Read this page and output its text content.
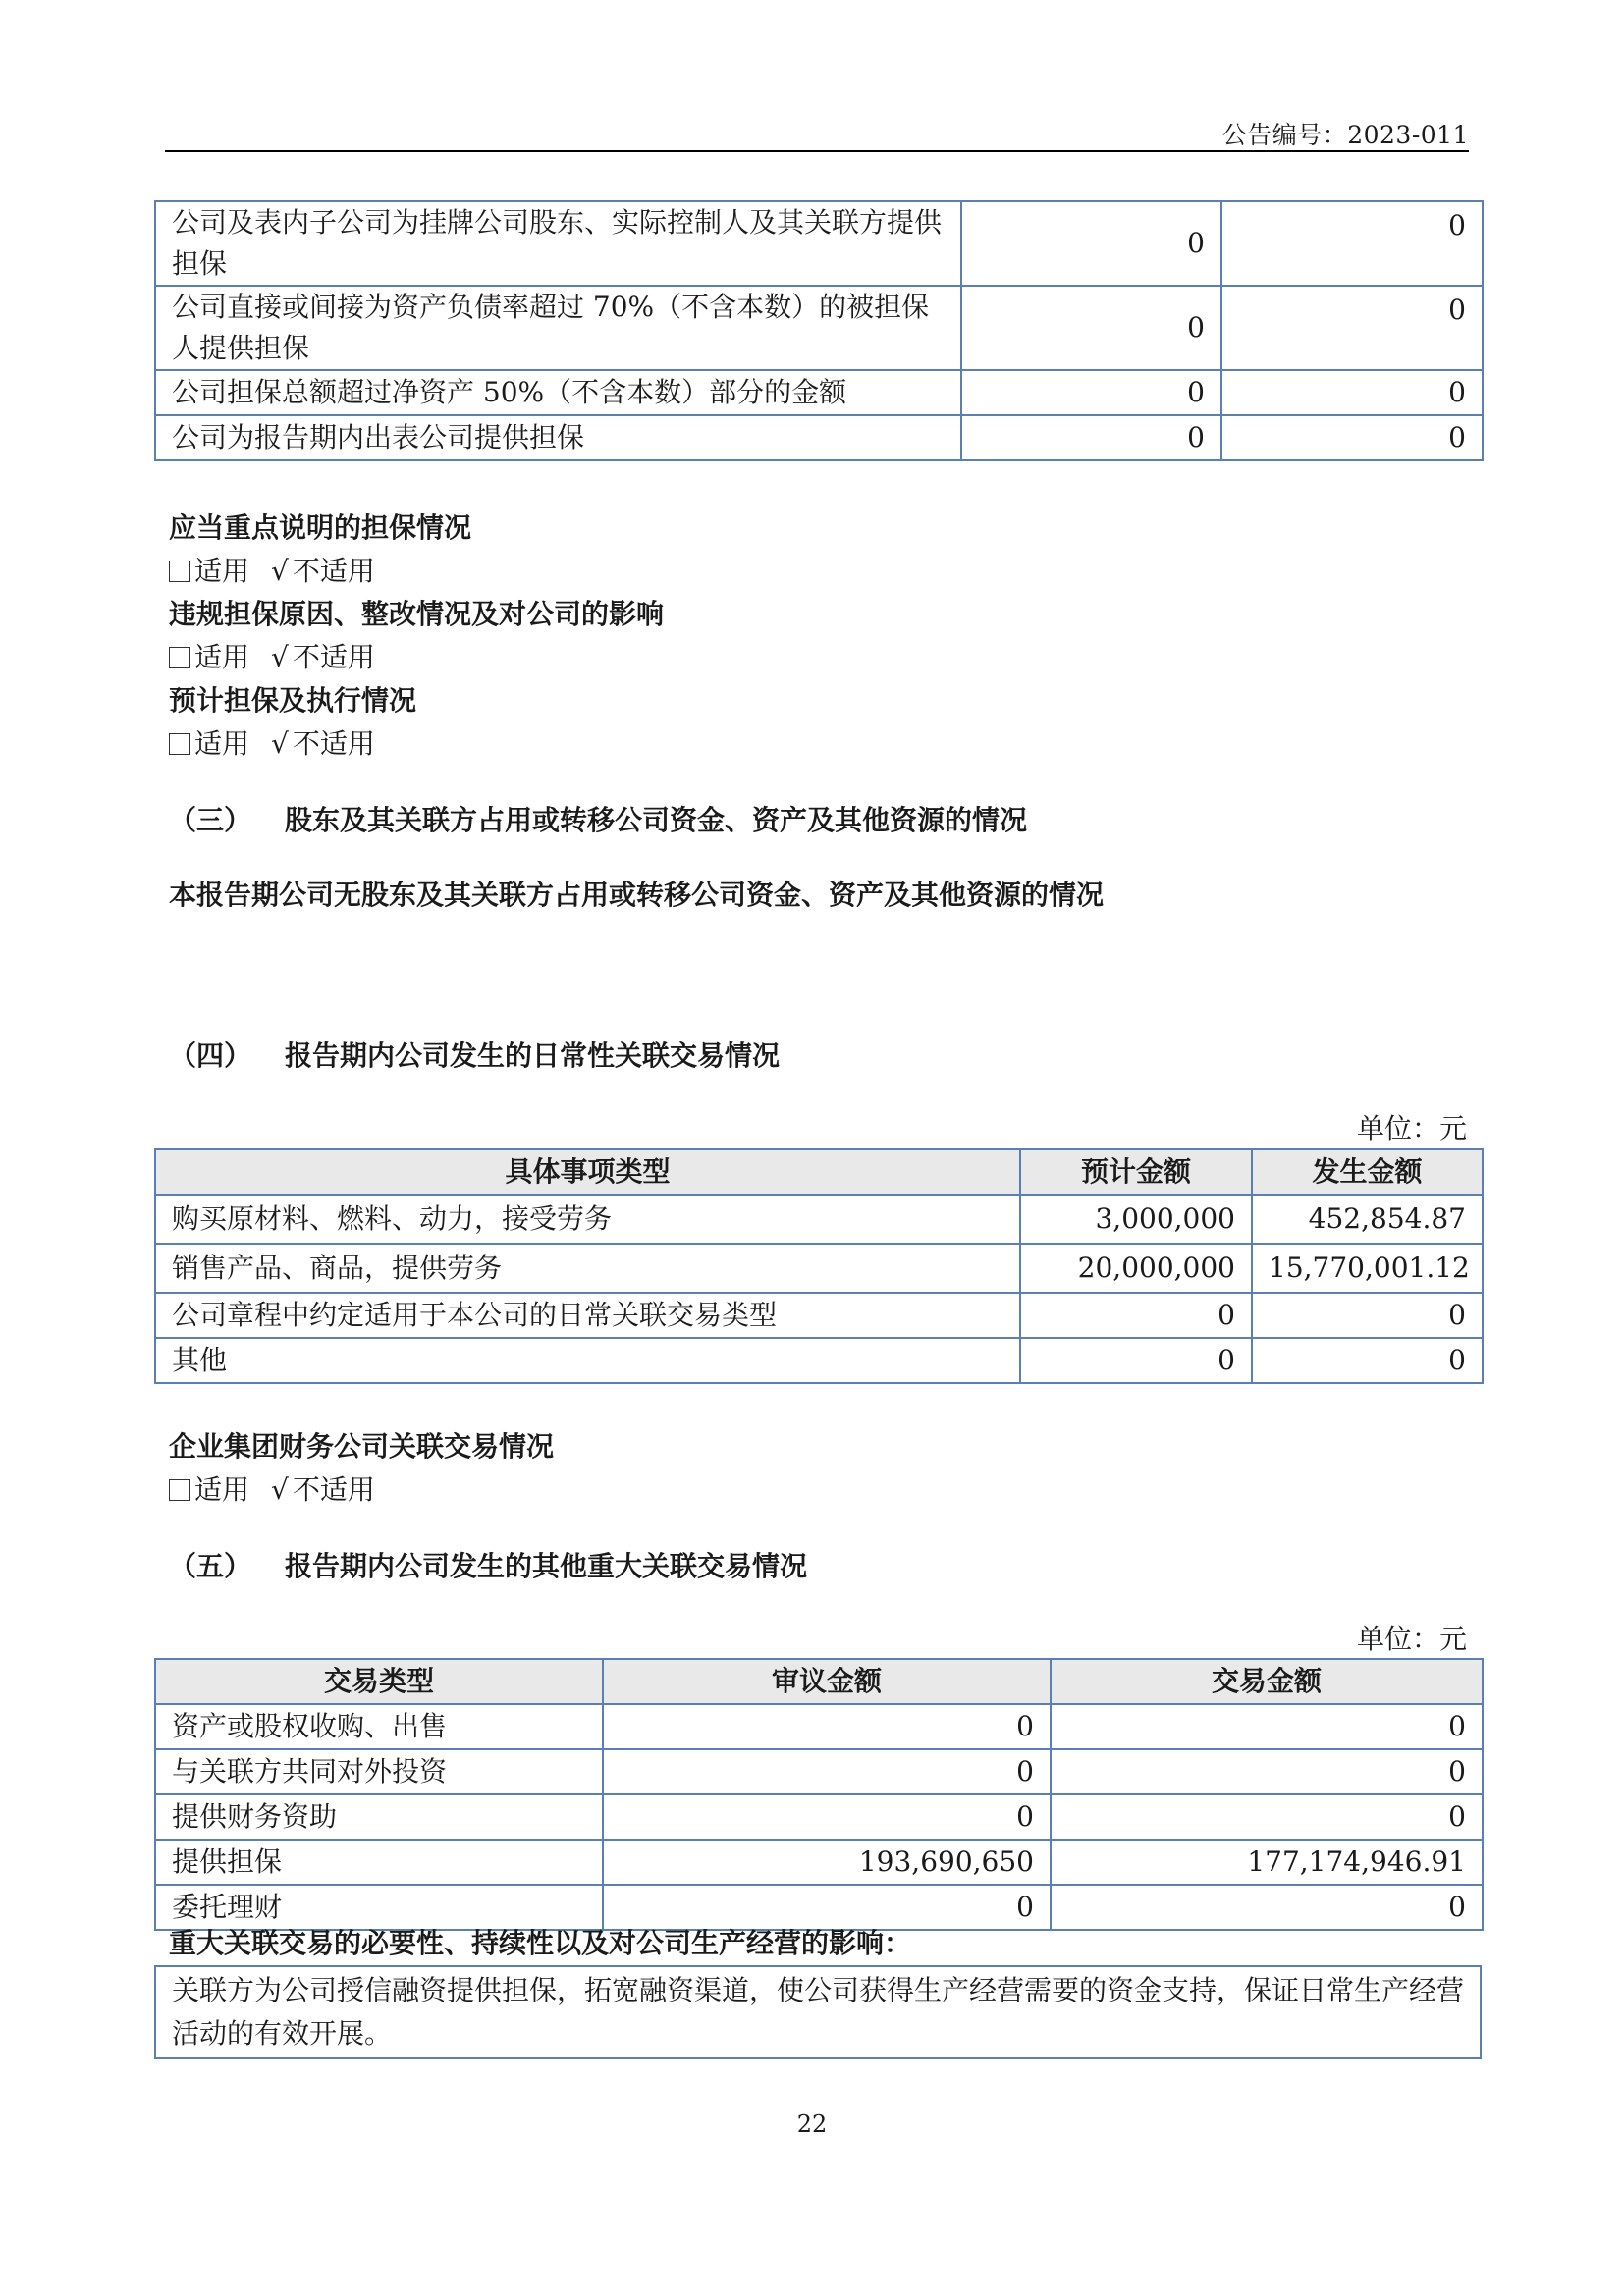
公告编号：2023-011
公司及表内子公司为挂牌公司股东、实际控制人及其关联方提供担保	0	0
公司直接或间接为资产负债率超过 70%（不含本数）的被担保人提供担保	0	0
公司担保总额超过净资产 50%（不含本数）部分的金额	0	0
公司为报告期内出表公司提供担保	0	0
应当重点说明的担保情况
适用 √ 不适用
违规担保原因、整改情况及对公司的影响
适用 √ 不适用
预计担保及执行情况
适用 √ 不适用
（三） 股东及其关联方占用或转移公司资金、资产及其他资源的情况
本报告期公司无股东及其关联方占用或转移公司资金、资产及其他资源的情况
（四） 报告期内公司发生的日常性关联交易情况
单位：元
具体事项类型	预计金额	发生金额
购买原材料、燃料、动力，接受劳务	3,000,000	452,854.87
销售产品、商品，提供劳务	20,000,000	15,770,001.12
公司章程中约定适用于本公司的日常关联交易类型	0	0
其他	0	0
企业集团财务公司关联交易情况
适用 √ 不适用
（五） 报告期内公司发生的其他重大关联交易情况
单位：元
交易类型	审议金额	交易金额
资产或股权收购、出售	0	0
与关联方共同对外投资	0	0
提供财务资助	0	0
提供担保	193,690,650	177,174,946.91
委托理财	0	0
重大关联交易的必要性、持续性以及对公司生产经营的影响：
关联方为公司授信融资提供担保，拓宽融资渠道，使公司获得生产经营需要的资金支持，保证日常生产经营活动的有效开展。
22
